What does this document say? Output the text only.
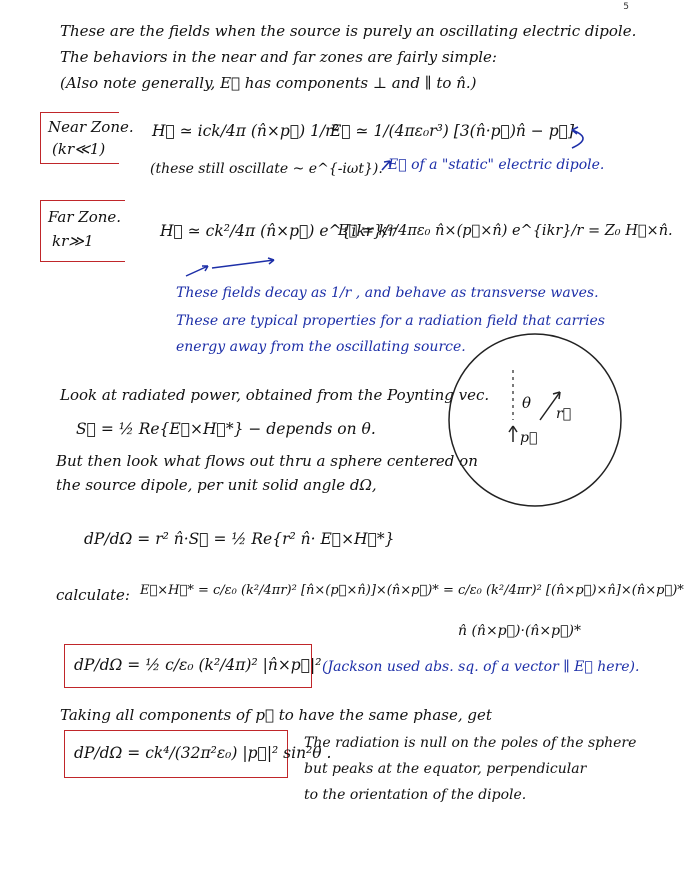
5
These are the fields when the source is purely an oscillating electric dipole.
The behaviors in the near and far zones are fairly simple:
(Also note generally, E⃗ has components ⊥ and ∥ to n̂.)
Near Zone.
(kr≪1)
H⃗ ≃ ick/4π (n̂×p⃗) 1/r²
E⃗ ≃ 1/(4πε₀r³) [3(n̂·p⃗)n̂ − p⃗]
(these still oscillate ~ e^{-iωt}). E⃗ of a "static" electric dipole.
Far Zone.
kr≫1
H⃗ ≃ ck²/4π (n̂×p⃗) e^{ikr}/r
E⃗ ≃ k²/4πε₀ n̂×(p⃗×n̂) e^{ikr}/r = Z₀ H⃗×n̂.
These fields decay as 1/r , and behave as transverse waves.
These are typical properties for a radiation field that carries
energy away from the oscillating source.
Look at radiated power, obtained from the Poynting vec.
S⃗ = ½ Re{E⃗×H⃗*} − depends on θ.
But then look what flows out thru a sphere centered on
the source dipole, per unit solid angle dΩ,
dP/dΩ = r² n̂·S⃗ = ½ Re{r² n̂· E⃗×H⃗*}
calculate: E⃗×H⃗* = c/ε₀ (k²/4πr)² [n̂×(p⃗×n̂)]×(n̂×p⃗)* = c/ε₀ (k²/4πr)² [(n̂×p⃗)×n̂]×(n̂×p⃗)*
n̂ (n̂×p⃗)·(n̂×p⃗)*
dP/dΩ = ½ c/ε₀ (k²/4π)² |n̂×p⃗|² (Jackson used abs. sq. of a vector ∥ E⃗ here).
Taking all components of p⃗ to have the same phase, get
dP/dΩ = ck⁴/(32π²ε₀) |p⃗|² sin²θ .
The radiation is null on the poles of the sphere
but peaks at the equator, perpendicular
to the orientation of the dipole.
θ
r⃗
p⃗
